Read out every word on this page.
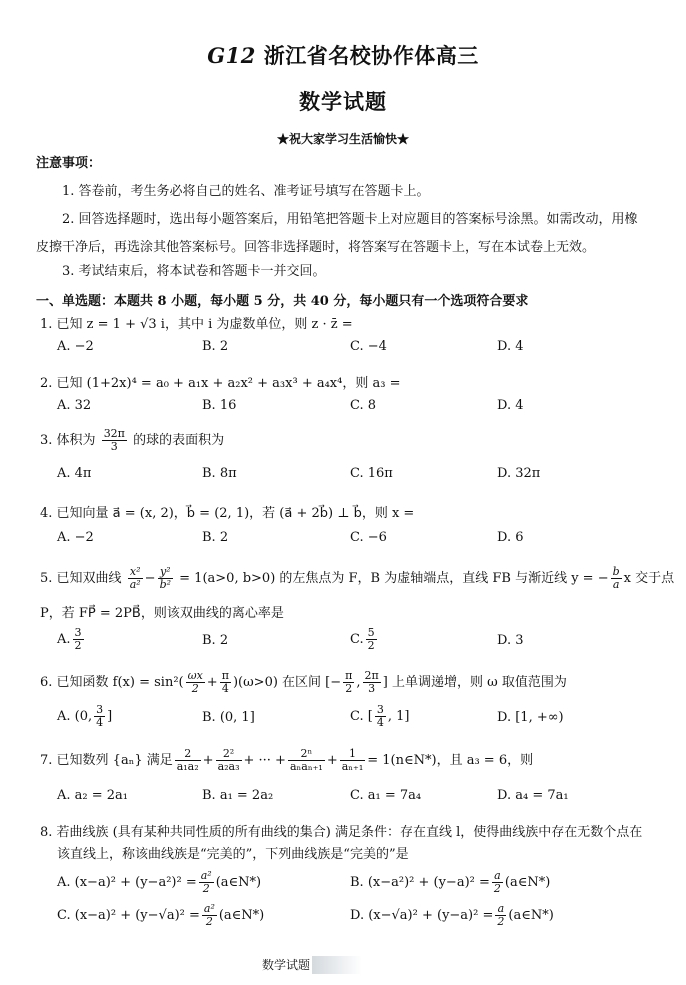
G12 浙江省名校协作体高三
数学试题
★祝大家学习生活愉快★
注意事项：
1. 答卷前，考生务必将自己的姓名、准考证号填写在答题卡上。
2. 回答选择题时，选出每小题答案后，用铅笔把答题卡上对应题目的答案标号涂黑。如需改动，用橡
皮擦干净后，再选涂其他答案标号。回答非选择题时，将答案写在答题卡上，写在本试卷上无效。
3. 考试结束后，将本试卷和答题卡一并交回。
一、单选题：本题共 8 小题，每小题 5 分，共 40 分，每小题只有一个选项符合要求
1. 已知 z = 1 + √3 i，其中 i 为虚数单位，则 z · z̄ =
A. −2	B. 2	C. −4	D. 4
2. 已知 (1+2x)⁴ = a₀ + a₁x + a₂x² + a₃x³ + a₄x⁴，则 a₃ =
A. 32	B. 16	C. 8	D. 4
3. 体积为 $\frac{32\pi}{3}$ 的球的表面积为
A. 4π	B. 8π	C. 16π	D. 32π
4. 已知向量 a⃗ = (x, 2)，b⃗ = (2, 1)，若 (a⃗ + 2b⃗) ⊥ b⃗，则 x =
A. −2	B. 2	C. −6	D. 6
5. 已知双曲线 $\frac{\text{x²}}{\text{a²}} - \frac{\text{y²}}{\text{b²}} = 1(a>0$, b>0) 的左焦点为 F，B 为虚轴端点，直线 FB 与渐近线 y = − $\frac{b}{a}$ x 交于点
P，若 FP⃗ = 2PB⃗，则该双曲线的离心率是
A. $\frac{3}{2}$	B. 2	C. $\frac{5}{2}$	D. 3
6. 已知函数 $f(x) = \sin^2( \frac{\omega x}{2} + \frac{\pi}{4} )(\omega>0)$ 在区间 [− $\frac{\pi}{2}$ , $\frac{2\pi}{3}$ ] 上单调递增，则 ω 取值范围为
A. (0, $\frac{3}{4}$ ]	B. (0, 1]	C. [ $\frac{3}{4}$ , 1]	D. [1, +∞)
7. 已知数列 {aₙ} 满足 $\frac{2}{\text{a₁a₂}} + \frac{\text{2²}}{\text{a₂a₃}}$ + ··· + $\frac{\text{2ⁿ}}{\text{aₙaₙ₊₁}} + \frac{1}{\text{aₙ₊₁}}$ = 1(n∈N*)，且 a₃ = 6，则
A. a₂ = 2a₁	B. a₁ = 2a₂	C. a₁ = 7a₄	D. a₄ = 7a₁
8. 若曲线族 (具有某种共同性质的所有曲线的集合) 满足条件：存在直线 l，使得曲线族中存在无数个点在
该直线上，称该曲线族是“完美的”，下列曲线族是“完美的”是
A. $(x-a)^2 + (y-a^2)^2 = \frac{\text{a²}}{2}$ (a∈N*)	B. $(x-a^2)^2 + (y-a)^2 = \frac{a}{2}$ (a∈N*)
C. $(x-a)^2 + (y-√a)^2 = \frac{\text{a²}}{2}$ (a∈N*)	D. $(x-√a)^2 + (y-a)^2 = \frac{a}{2}$ (a∈N*)
数学试题
